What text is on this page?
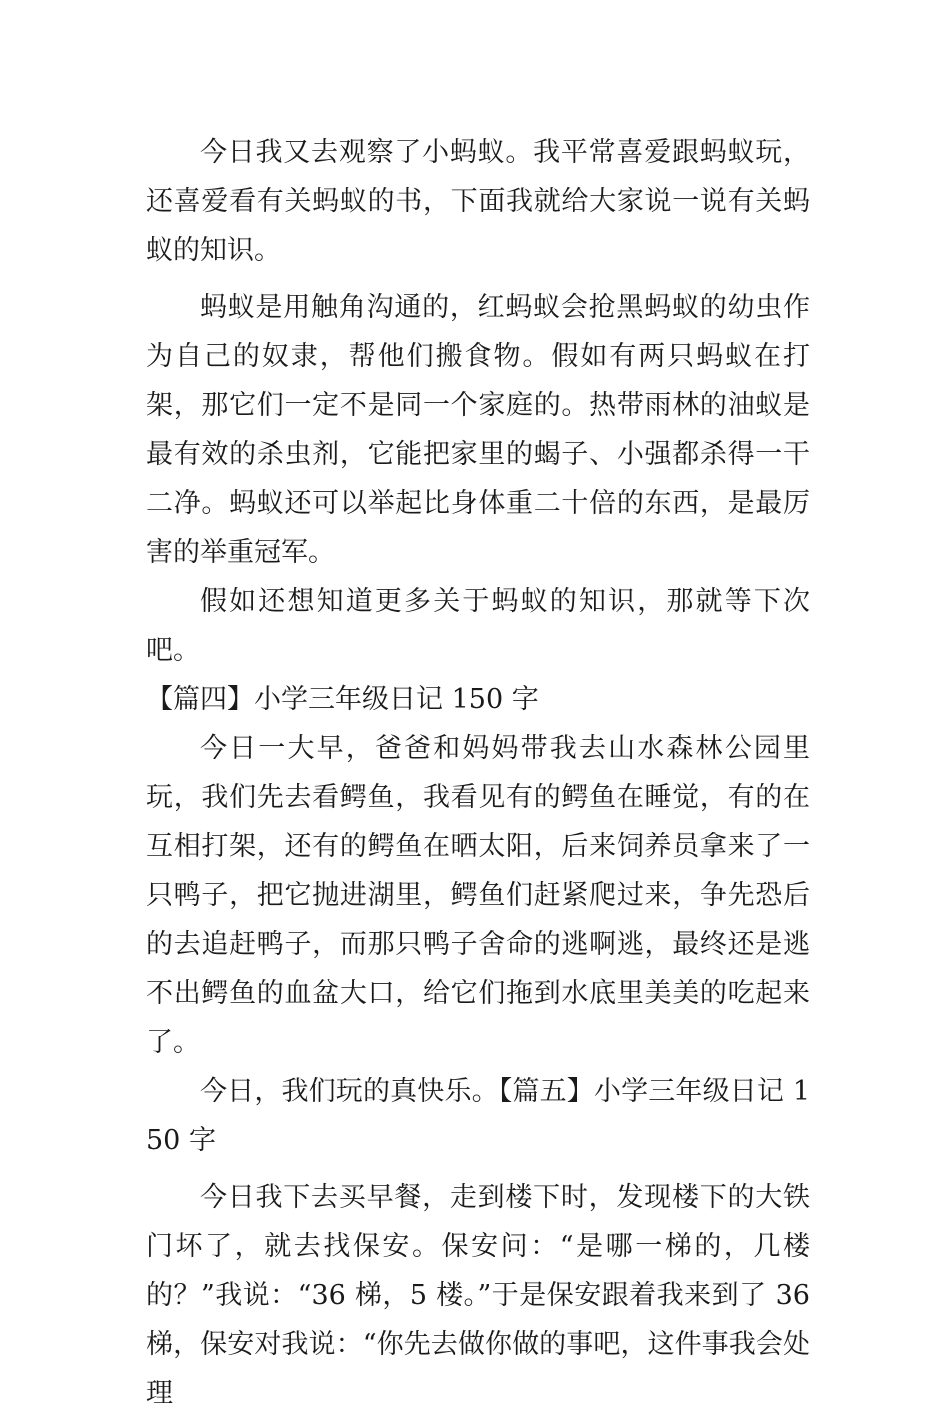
今日我又去观察了小蚂蚁。我平常喜爱跟蚂蚁玩，还喜爱看有关蚂蚁的书，下面我就给大家说一说有关蚂蚁的知识。

蚂蚁是用触角沟通的，红蚂蚁会抢黑蚂蚁的幼虫作为自己的奴隶，帮他们搬食物。假如有两只蚂蚁在打架，那它们一定不是同一个家庭的。热带雨林的油蚁是最有效的杀虫剂，它能把家里的蝎子、小强都杀得一干二净。蚂蚁还可以举起比身体重二十倍的东西，是最厉害的举重冠军。

假如还想知道更多关于蚂蚁的知识，那就等下次吧。

【篇四】小学三年级日记 150 字

今日一大早，爸爸和妈妈带我去山水森林公园里玩，我们先去看鳄鱼，我看见有的鳄鱼在睡觉，有的在互相打架，还有的鳄鱼在晒太阳，后来饲养员拿来了一只鸭子，把它抛进湖里，鳄鱼们赶紧爬过来，争先恐后的去追赶鸭子，而那只鸭子舍命的逃啊逃，最终还是逃不出鳄鱼的血盆大口，给它们拖到水底里美美的吃起来了。

今日，我们玩的真快乐。【篇五】小学三年级日记 150 字

今日我下去买早餐，走到楼下时，发现楼下的大铁门坏了，就去找保安。保安问：“是哪一梯的，几楼的？”我说：“36 梯，5 楼。”于是保安跟着我来到了 36 梯，保安对我说：“你先去做你做的事吧，这件事我会处理
